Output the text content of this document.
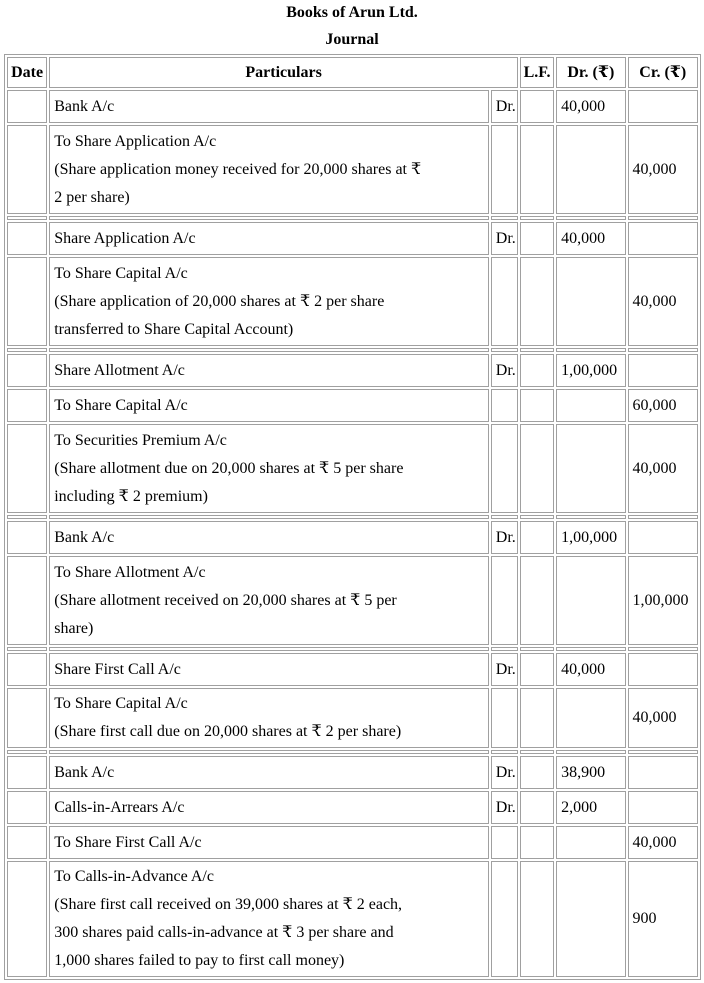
Books of Arun Ltd.
Journal
Date	Particulars		L.F.	Dr. (₹)	Cr. (₹)

	Bank A/c	Dr.		40,000	

	To Share Application A/c
(Share application money received for 20,000 shares at ₹
2 per share)				40,000

	Share Application A/c	Dr.		40,000	

	To Share Capital A/c
(Share application of 20,000 shares at ₹ 2 per share
transferred to Share Capital Account)				40,000

	Share Allotment A/c	Dr.		1,00,000	

	To Share Capital A/c				60,000

	To Securities Premium A/c
(Share allotment due on 20,000 shares at ₹ 5 per share
including ₹ 2 premium)				40,000

	Bank A/c	Dr.		1,00,000	

	To Share Allotment A/c
(Share allotment received on 20,000 shares at ₹ 5 per
share)				1,00,000

	Share First Call A/c	Dr.		40,000	

	To Share Capital A/c
(Share first call due on 20,000 shares at ₹ 2 per share)				40,000

	Bank A/c	Dr.		38,900	

	Calls-in-Arrears A/c	Dr.		2,000	

	To Share First Call A/c				40,000

	To Calls-in-Advance A/c
(Share first call received on 39,000 shares at ₹ 2 each,
300 shares paid calls-in-advance at ₹ 3 per share and
1,000 shares failed to pay to first call money)				900
